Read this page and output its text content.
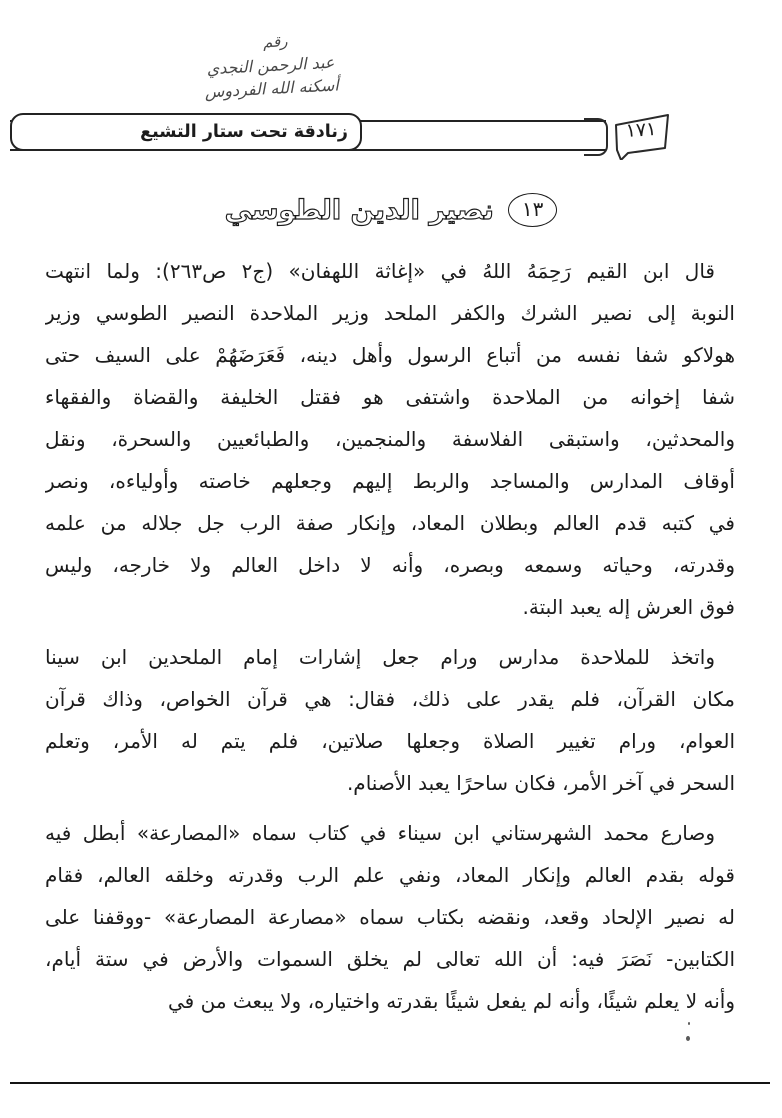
رقم
عبد الرحمن النجدي
أسكنه الله الفردوس
١٧١
زنادقة تحت ستار التشيع
١٣
نصير الدين الطوسي
قال ابن القيم رَحِمَهُ اللهُ في «إغاثة اللهفان» (ج٢ ص٢٦٣): ولما انتهت
النوبة إلى نصير الشرك والكفر الملحد وزير الملاحدة النصير الطوسي وزير
هولاكو شفا نفسه من أتباع الرسول وأهل دينه، فَعَرَضَهُمْ على السيف حتى
شفا إخوانه من الملاحدة واشتفى هو فقتل الخليفة والقضاة والفقهاء
والمحدثين، واستبقى الفلاسفة والمنجمين، والطبائعيين والسحرة، ونقل
أوقاف المدارس والمساجد والربط إليهم وجعلهم خاصته وأولياءه، ونصر
في كتبه قدم العالم وبطلان المعاد، وإنكار صفة الرب جل جلاله من علمه
وقدرته، وحياته وسمعه وبصره، وأنه لا داخل العالم ولا خارجه، وليس
فوق العرش إله يعبد البتة.
واتخذ للملاحدة مدارس ورام جعل إشارات إمام الملحدين ابن سينا
مكان القرآن، فلم يقدر على ذلك، فقال: هي قرآن الخواص، وذاك قرآن
العوام، ورام تغيير الصلاة وجعلها صلاتين، فلم يتم له الأمر، وتعلم
السحر في آخر الأمر، فكان ساحرًا يعبد الأصنام.
وصارع محمد الشهرستاني ابن سيناء في كتاب سماه «المصارعة» أبطل فيه
قوله بقدم العالم وإنكار المعاد، ونفي علم الرب وقدرته وخلقه العالم، فقام
له نصير الإلحاد وقعد، ونقضه بكتاب سماه «مصارعة المصارعة» -ووقفنا على
الكتابين- نَصَرَ فيه: أن الله تعالى لم يخلق السموات والأرض في ستة أيام،
وأنه لا يعلم شيئًا، وأنه لم يفعل شيئًا بقدرته واختياره، ولا يبعث من في
